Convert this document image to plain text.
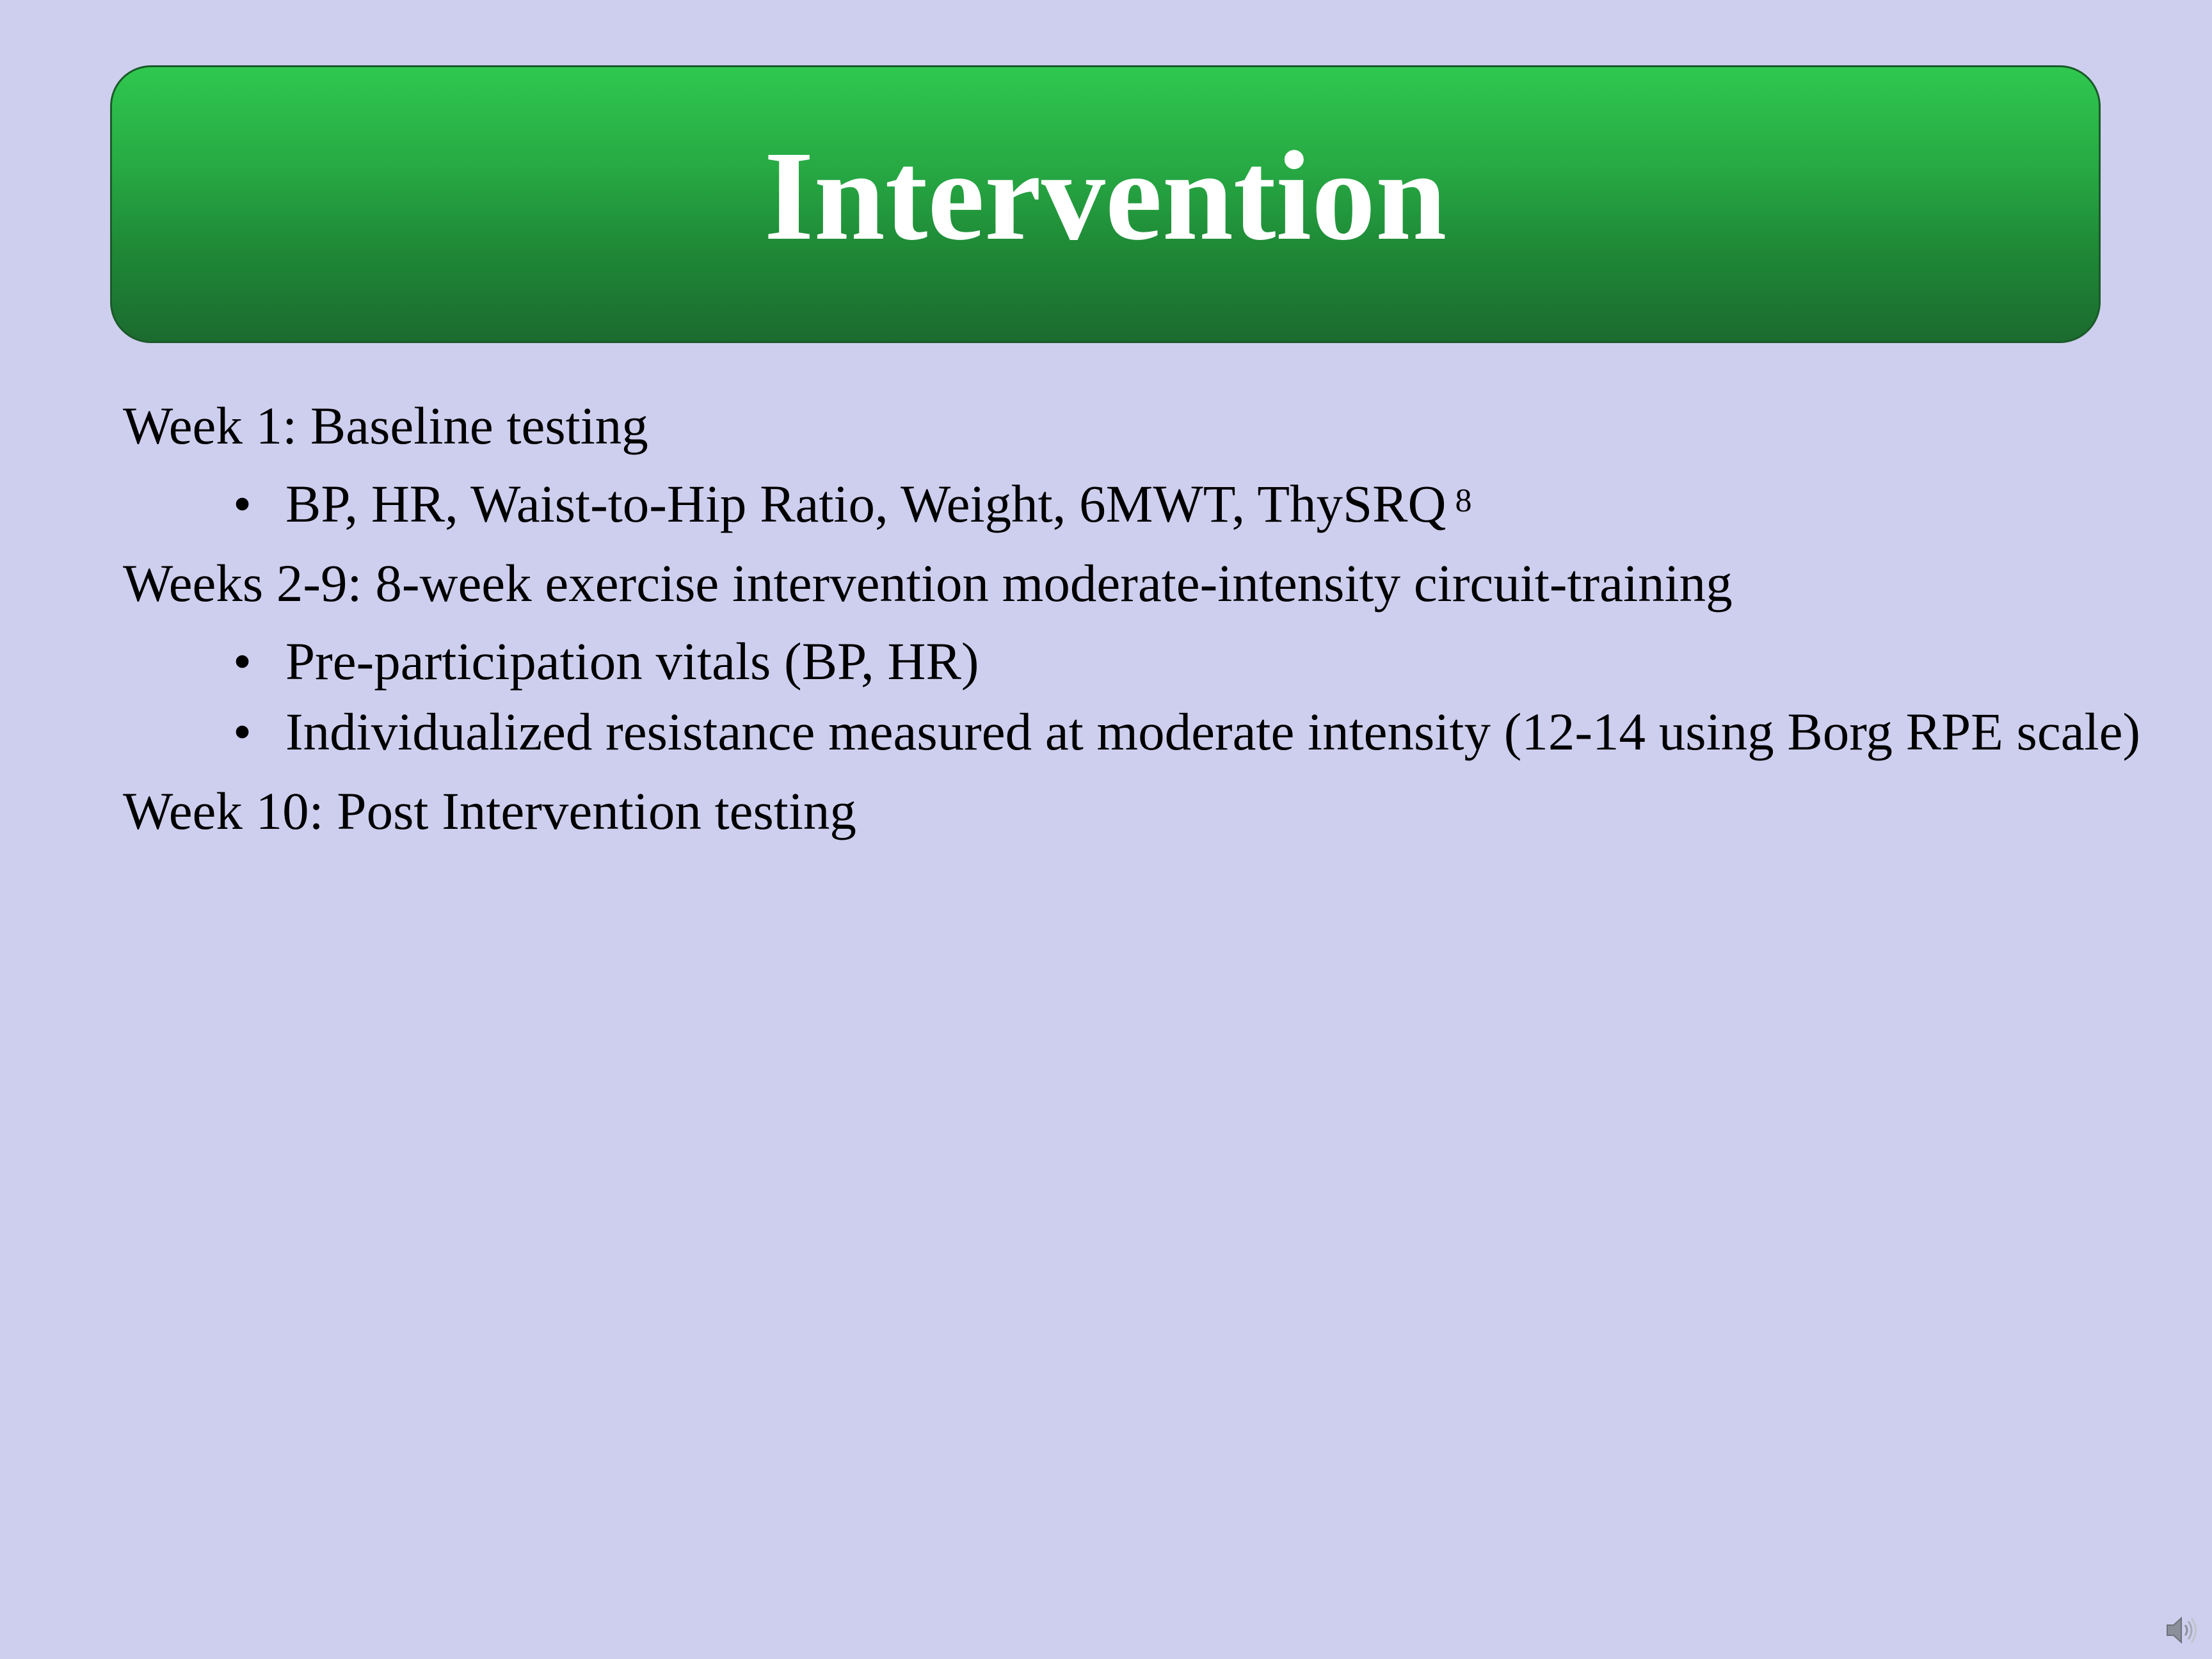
Intervention
Week 1: Baseline testing
• BP, HR, Waist-to-Hip Ratio, Weight, 6MWT, ThySRQ $^8$
Weeks 2-9: 8-week exercise intervention moderate-intensity circuit-training
• Pre-participation vitals (BP, HR)
• Individualized resistance measured at moderate intensity (12-14 using Borg RPE scale)
Week 10: Post Intervention testing
